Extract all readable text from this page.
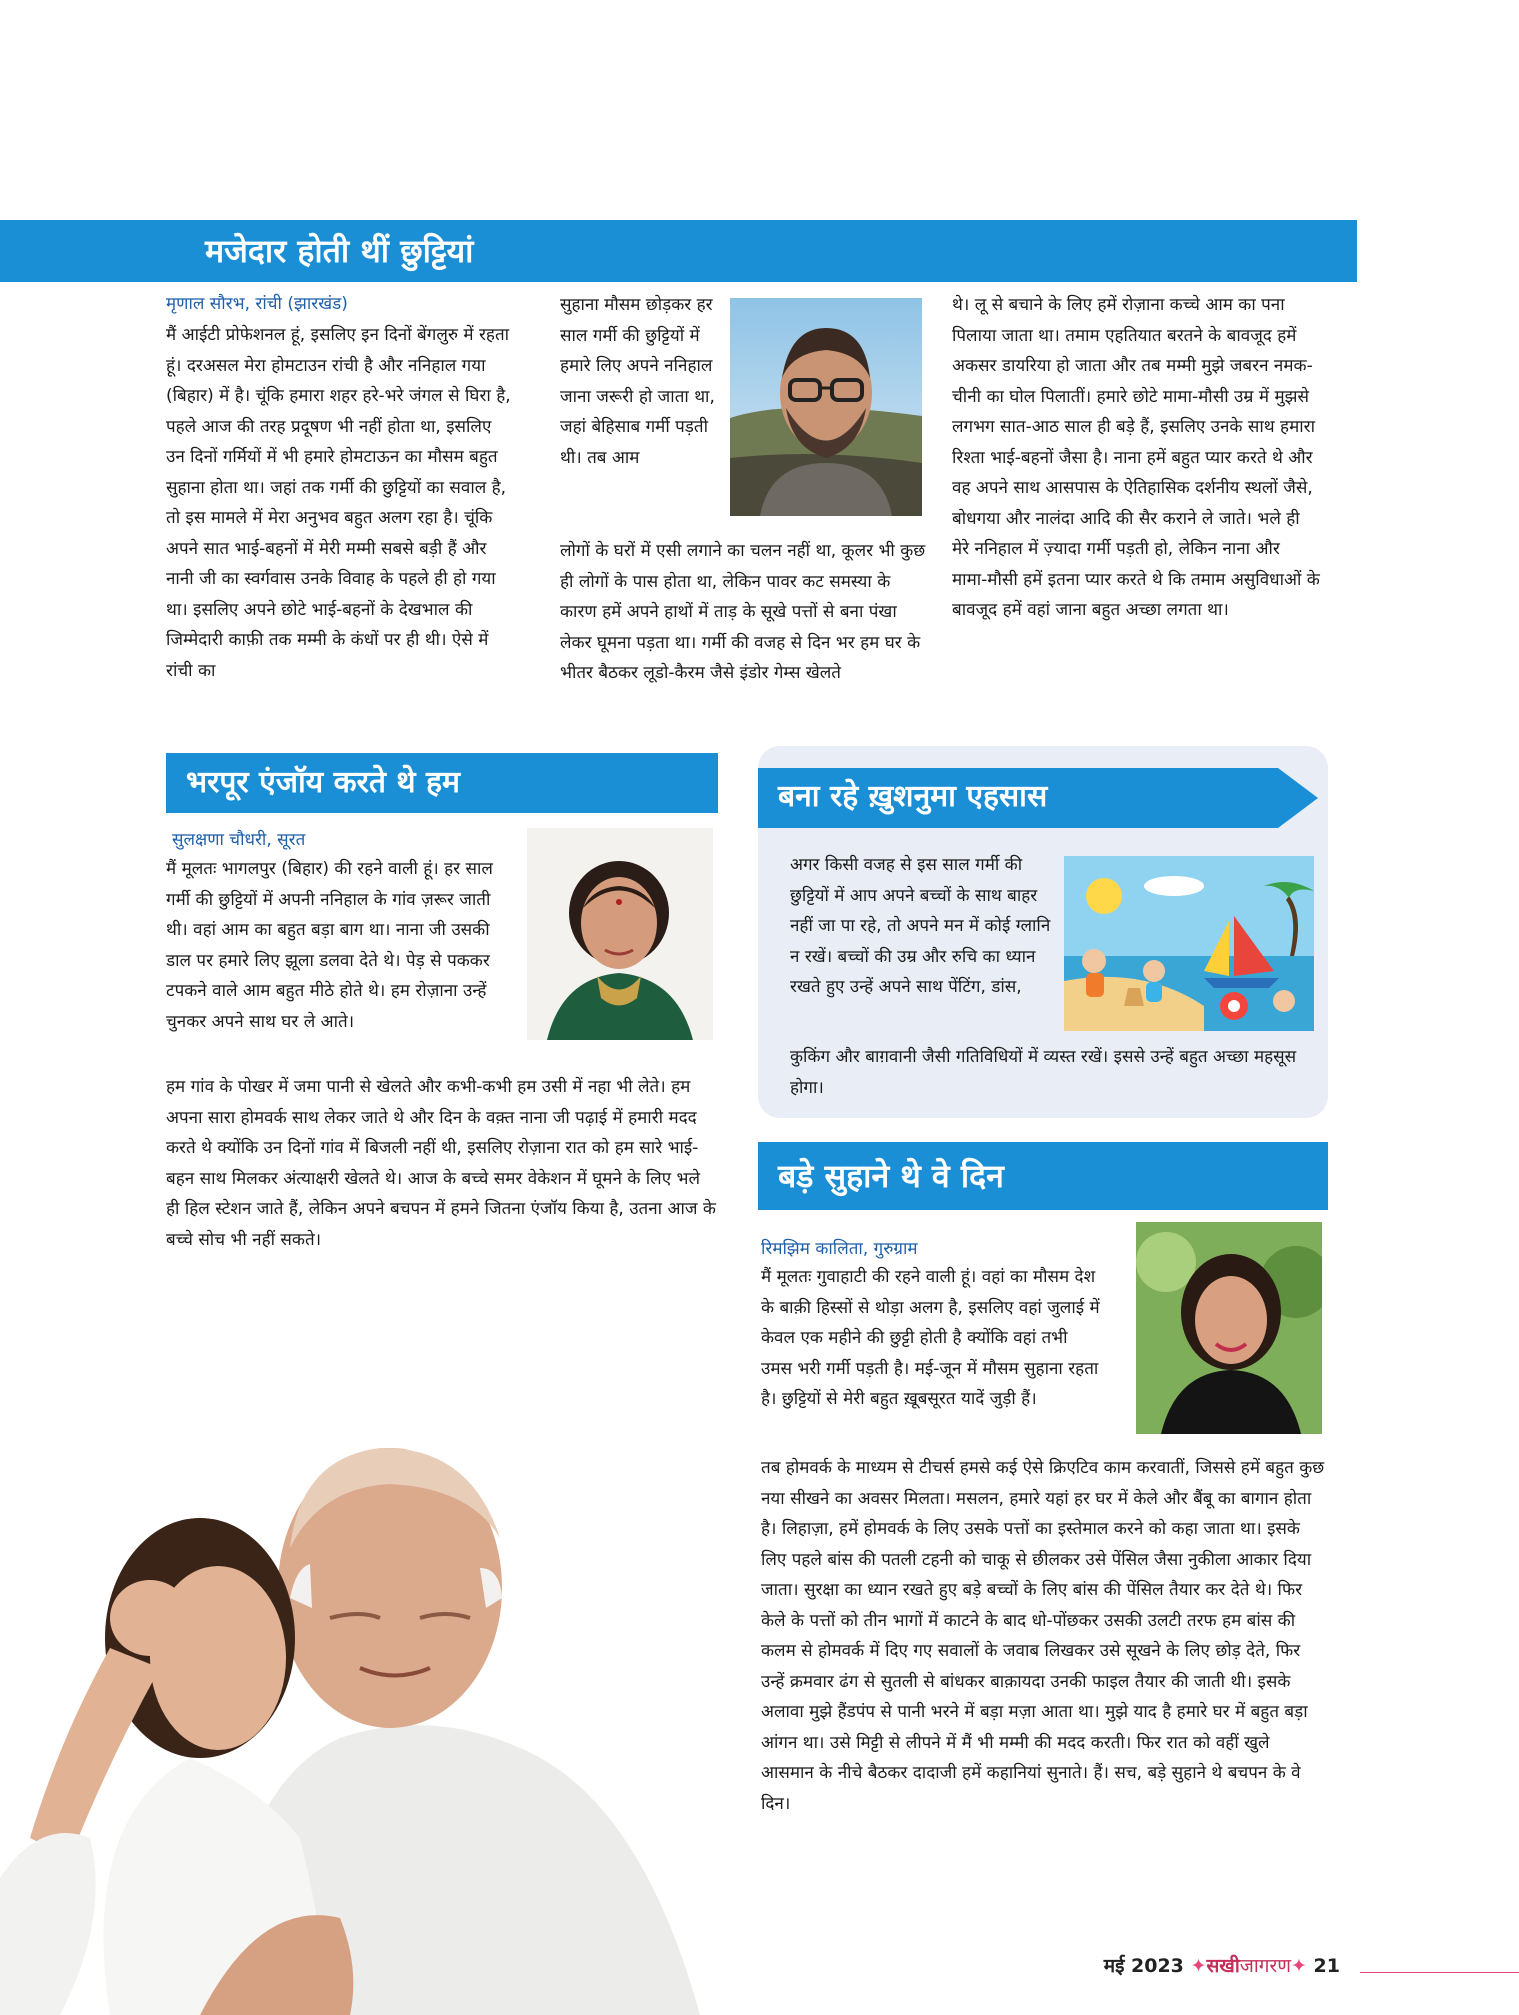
मजेदार होती थीं छुट्टियां
मृणाल सौरभ, रांची (झारखंड)

मैं आईटी प्रोफेशनल हूं, इसलिए इन दिनों बेंगलुरु में रहता हूं। दरअसल मेरा होमटाउन रांची है और ननिहाल गया (बिहार) में है। चूंकि हमारा शहर हरे-भरे जंगल से घिरा है, पहले आज की तरह प्रदूषण भी नहीं होता था, इसलिए उन दिनों गर्मियों में भी हमारे होमटाऊन का मौसम बहुत सुहाना होता था। जहां तक गर्मी की छुट्टियों का सवाल है, तो इस मामले में मेरा अनुभव बहुत अलग रहा है। चूंकि अपने सात भाई-बहनों में मेरी मम्मी सबसे बड़ी हैं और नानी जी का स्वर्गवास उनके विवाह के पहले ही हो गया था। इसलिए अपने छोटे भाई-बहनों के देखभाल की जिम्मेदारी काफ़ी तक मम्मी के कंधों पर ही थी। ऐसे में रांची का

सुहाना मौसम छोड़कर हर साल गर्मी की छुट्टियों में हमारे लिए अपने ननिहाल जाना जरूरी हो जाता था, जहां बेहिसाब गर्मी पड़ती थी। तब आम

लोगों के घरों में एसी लगाने का चलन नहीं था, कूलर भी कुछ ही लोगों के पास होता था, लेकिन पावर कट समस्या के कारण हमें अपने हाथों में ताड़ के सूखे पत्तों से बना पंखा लेकर घूमना पड़ता था। गर्मी की वजह से दिन भर हम घर के भीतर बैठकर लूडो-कैरम जैसे इंडोर गेम्स खेलते

थे। लू से बचाने के लिए हमें रोज़ाना कच्चे आम का पना पिलाया जाता था। तमाम एहतियात बरतने के बावजूद हमें अकसर डायरिया हो जाता और तब मम्मी मुझे जबरन नमक-चीनी का घोल पिलातीं। हमारे छोटे मामा-मौसी उम्र में मुझसे लगभग सात-आठ साल ही बड़े हैं, इसलिए उनके साथ हमारा रिश्ता भाई-बहनों जैसा है। नाना हमें बहुत प्यार करते थे और वह अपने साथ आसपास के ऐतिहासिक दर्शनीय स्थलों जैसे, बोधगया और नालंदा आदि की सैर कराने ले जाते। भले ही मेरे ननिहाल में ज़्यादा गर्मी पड़ती हो, लेकिन नाना और मामा-मौसी हमें इतना प्यार करते थे कि तमाम असुविधाओं के बावजूद हमें वहां जाना बहुत अच्छा लगता था।

भरपूर एंजॉय करते थे हम
सुलक्षणा चौधरी, सूरत

मैं मूलतः भागलपुर (बिहार) की रहने वाली हूं। हर साल गर्मी की छुट्टियों में अपनी ननिहाल के गांव ज़रूर जाती थी। वहां आम का बहुत बड़ा बाग था। नाना जी उसकी डाल पर हमारे लिए झूला डलवा देते थे। पेड़ से पककर टपकने वाले आम बहुत मीठे होते थे। हम रोज़ाना उन्हें चुनकर अपने साथ घर ले आते।

हम गांव के पोखर में जमा पानी से खेलते और कभी-कभी हम उसी में नहा भी लेते। हम अपना सारा होमवर्क साथ लेकर जाते थे और दिन के वक़्त नाना जी पढ़ाई में हमारी मदद करते थे क्योंकि उन दिनों गांव में बिजली नहीं थी, इसलिए रोज़ाना रात को हम सारे भाई-बहन साथ मिलकर अंत्याक्षरी खेलते थे। आज के बच्चे समर वेकेशन में घूमने के लिए भले ही हिल स्टेशन जाते हैं, लेकिन अपने बचपन में हमने जितना एंजॉय किया है, उतना आज के बच्चे सोच भी नहीं सकते।

बना रहे ख़ुशनुमा एहसास

अगर किसी वजह से इस साल गर्मी की छुट्टियों में आप अपने बच्चों के साथ बाहर नहीं जा पा रहे, तो अपने मन में कोई ग्लानि न रखें। बच्चों की उम्र और रुचि का ध्यान रखते हुए उन्हें अपने साथ पेंटिंग, डांस,

कुकिंग और बाग़वानी जैसी गतिविधियों में व्यस्त रखें। इससे उन्हें बहुत अच्छा महसूस होगा।

बड़े सुहाने थे वे दिन
रिमझिम कालिता, गुरुग्राम

मैं मूलतः गुवाहाटी की रहने वाली हूं। वहां का मौसम देश के बाक़ी हिस्सों से थोड़ा अलग है, इसलिए वहां जुलाई में केवल एक महीने की छुट्टी होती है क्योंकि वहां तभी उमस भरी गर्मी पड़ती है। मई-जून में मौसम सुहाना रहता है। छुट्टियों से मेरी बहुत ख़ूबसूरत यादें जुड़ी हैं।

तब होमवर्क के माध्यम से टीचर्स हमसे कई ऐसे क्रिएटिव काम करवातीं, जिससे हमें बहुत कुछ नया सीखने का अवसर मिलता। मसलन, हमारे यहां हर घर में केले और बैंबू का बागान होता है। लिहाज़ा, हमें होमवर्क के लिए उसके पत्तों का इस्तेमाल करने को कहा जाता था। इसके लिए पहले बांस की पतली टहनी को चाकू से छीलकर उसे पेंसिल जैसा नुकीला आकार दिया जाता। सुरक्षा का ध्यान रखते हुए बड़े बच्चों के लिए बांस की पेंसिल तैयार कर देते थे। फिर केले के पत्तों को तीन भागों में काटने के बाद धो-पोंछकर उसकी उलटी तरफ हम बांस की कलम से होमवर्क में दिए गए सवालों के जवाब लिखकर उसे सूखने के लिए छोड़ देते, फिर उन्हें क्रमवार ढंग से सुतली से बांधकर बाक़ायदा उनकी फाइल तैयार की जाती थी। इसके अलावा मुझे हैंडपंप से पानी भरने में बड़ा मज़ा आता था। मुझे याद है हमारे घर में बहुत बड़ा आंगन था। उसे मिट्टी से लीपने में मैं भी मम्मी की मदद करती। फिर रात को वहीं खुले आसमान के नीचे बैठकर दादाजी हमें कहानियां सुनाते। हैं। सच, बड़े सुहाने थे बचपन के वे दिन।

मई 2023 ✦सखीजागरण✦ 21
